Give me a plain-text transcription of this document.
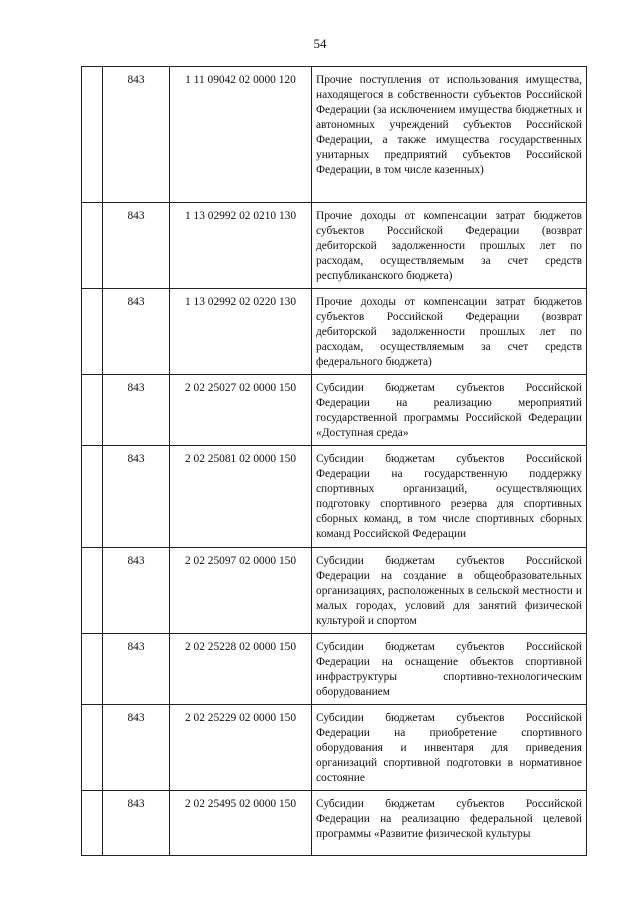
54
	843	1 11 09042 02 0000 120	Прочие поступления от использования имущества, находящегося в собственности субъектов Российской Федерации (за исключением имущества бюджетных и автономных учреждений субъектов Российской Федерации, а также имущества государственных унитарных предприятий субъектов Российской Федерации, в том числе казенных)
	843	1 13 02992 02 0210 130	Прочие доходы от компенсации затрат бюджетов субъектов Российской Федерации (возврат дебиторской задолженности прошлых лет по расходам, осуществляемым за счет средств республиканского бюджета)
	843	1 13 02992 02 0220 130	Прочие доходы от компенсации затрат бюджетов субъектов Российской Федерации (возврат дебиторской задолженности прошлых лет по расходам, осуществляемым за счет средств федерального бюджета)
	843	2 02 25027 02 0000 150	Субсидии бюджетам субъектов Российской Федерации на реализацию мероприятий государственной программы Российской Федерации «Доступная среда»
	843	2 02 25081 02 0000 150	Субсидии бюджетам субъектов Российской Федерации на государственную поддержку спортивных организаций, осуществляющих подготовку спортивного резерва для спортивных сборных команд, в том числе спортивных сборных команд Российской Федерации
	843	2 02 25097 02 0000 150	Субсидии бюджетам субъектов Российской Федерации на создание в общеобразовательных организациях, расположенных в сельской местности и малых городах, условий для занятий физической культурой и спортом
	843	2 02 25228 02 0000 150	Субсидии бюджетам субъектов Российской Федерации на оснащение объектов спортивной инфраструктуры спортивно-технологическим оборудованием
	843	2 02 25229 02 0000 150	Субсидии бюджетам субъектов Российской Федерации на приобретение спортивного оборудования и инвентаря для приведения организаций спортивной подготовки в нормативное состояние
	843	2 02 25495 02 0000 150	Субсидии бюджетам субъектов Российской Федерации на реализацию федеральной целевой программы «Развитие физической культуры
